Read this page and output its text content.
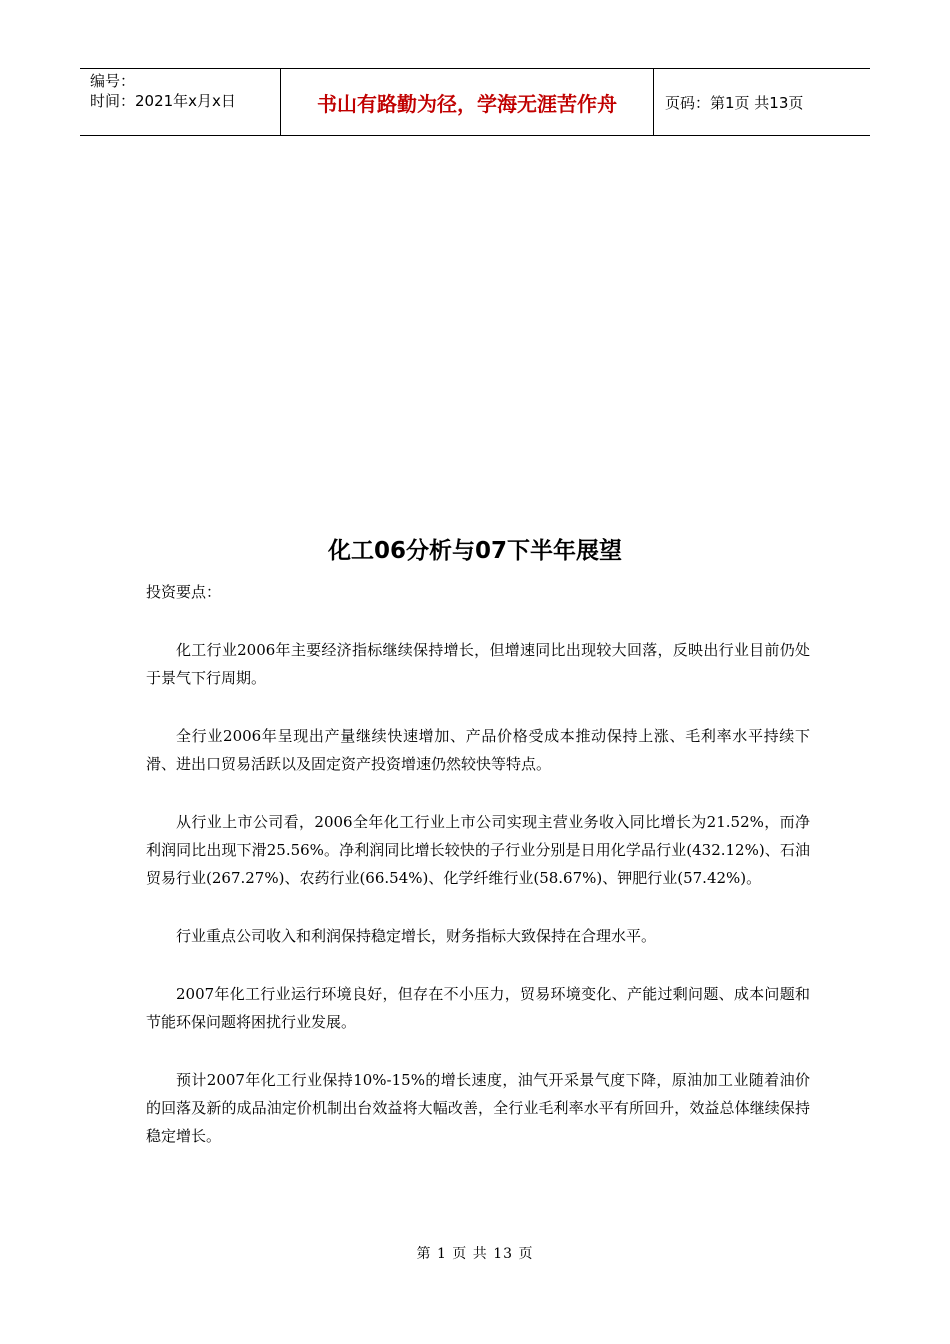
编号：
时间：2021年x月x日	书山有路勤为径，学海无涯苦作舟	页码：第1页 共13页
化工06分析与07下半年展望
投资要点：

化工行业2006年主要经济指标继续保持增长，但增速同比出现较大回落，反映出行业目前仍处于景气下行周期。

全行业2006年呈现出产量继续快速增加、产品价格受成本推动保持上涨、毛利率水平持续下滑、进出口贸易活跃以及固定资产投资增速仍然较快等特点。

从行业上市公司看，2006全年化工行业上市公司实现主营业务收入同比增长为21.52%，而净利润同比出现下滑25.56%。净利润同比增长较快的子行业分别是日用化学品行业(432.12%)、石油贸易行业(267.27%)、农药行业(66.54%)、化学纤维行业(58.67%)、钾肥行业(57.42%)。

行业重点公司收入和利润保持稳定增长，财务指标大致保持在合理水平。

2007年化工行业运行环境良好，但存在不小压力，贸易环境变化、产能过剩问题、成本问题和节能环保问题将困扰行业发展。

预计2007年化工行业保持10%-15%的增长速度，油气开采景气度下降，原油加工业随着油价的回落及新的成品油定价机制出台效益将大幅改善，全行业毛利率水平有所回升，效益总体继续保持稳定增长。

第 1 页 共 13 页
